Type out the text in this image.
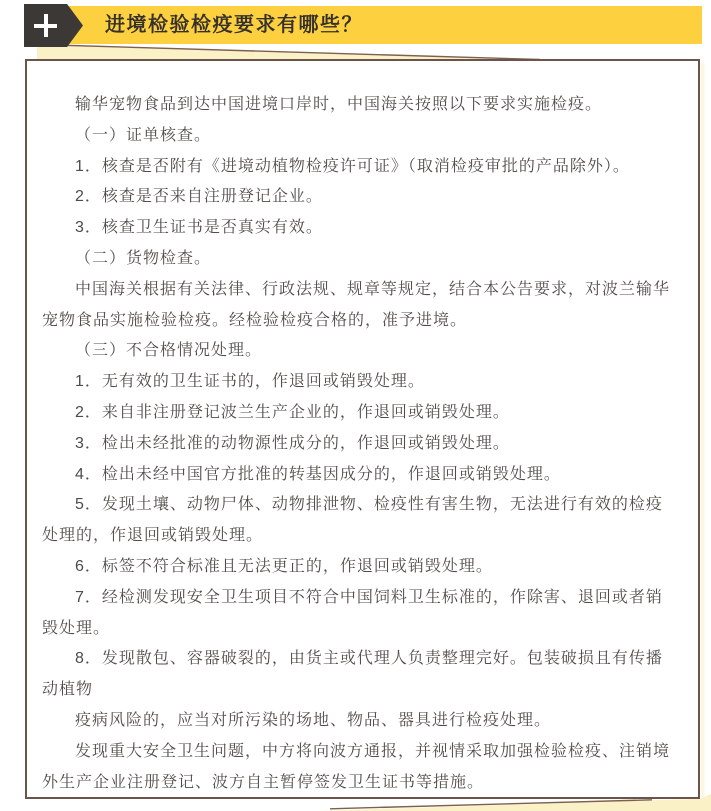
进境检验检疫要求有哪些？
输华宠物食品到达中国进境口岸时，中国海关按照以下要求实施检疫。
（一）证单核查。
1．核查是否附有《进境动植物检疫许可证》（取消检疫审批的产品除外）。
2．核查是否来自注册登记企业。
3．核查卫生证书是否真实有效。
（二）货物检查。
中国海关根据有关法律、行政法规、规章等规定，结合本公告要求，对波兰输华
宠物食品实施检验检疫。经检验检疫合格的，准予进境。
（三）不合格情况处理。
1．无有效的卫生证书的，作退回或销毁处理。
2．来自非注册登记波兰生产企业的，作退回或销毁处理。
3．检出未经批准的动物源性成分的，作退回或销毁处理。
4．检出未经中国官方批准的转基因成分的，作退回或销毁处理。
5．发现土壤、动物尸体、动物排泄物、检疫性有害生物，无法进行有效的检疫
处理的，作退回或销毁处理。
6．标签不符合标准且无法更正的，作退回或销毁处理。
7．经检测发现安全卫生项目不符合中国饲料卫生标准的，作除害、退回或者销
毁处理。
8．发现散包、容器破裂的，由货主或代理人负责整理完好。包装破损且有传播
动植物
疫病风险的，应当对所污染的场地、物品、器具进行检疫处理。
发现重大安全卫生问题，中方将向波方通报，并视情采取加强检验检疫、注销境
外生产企业注册登记、波方自主暂停签发卫生证书等措施。
